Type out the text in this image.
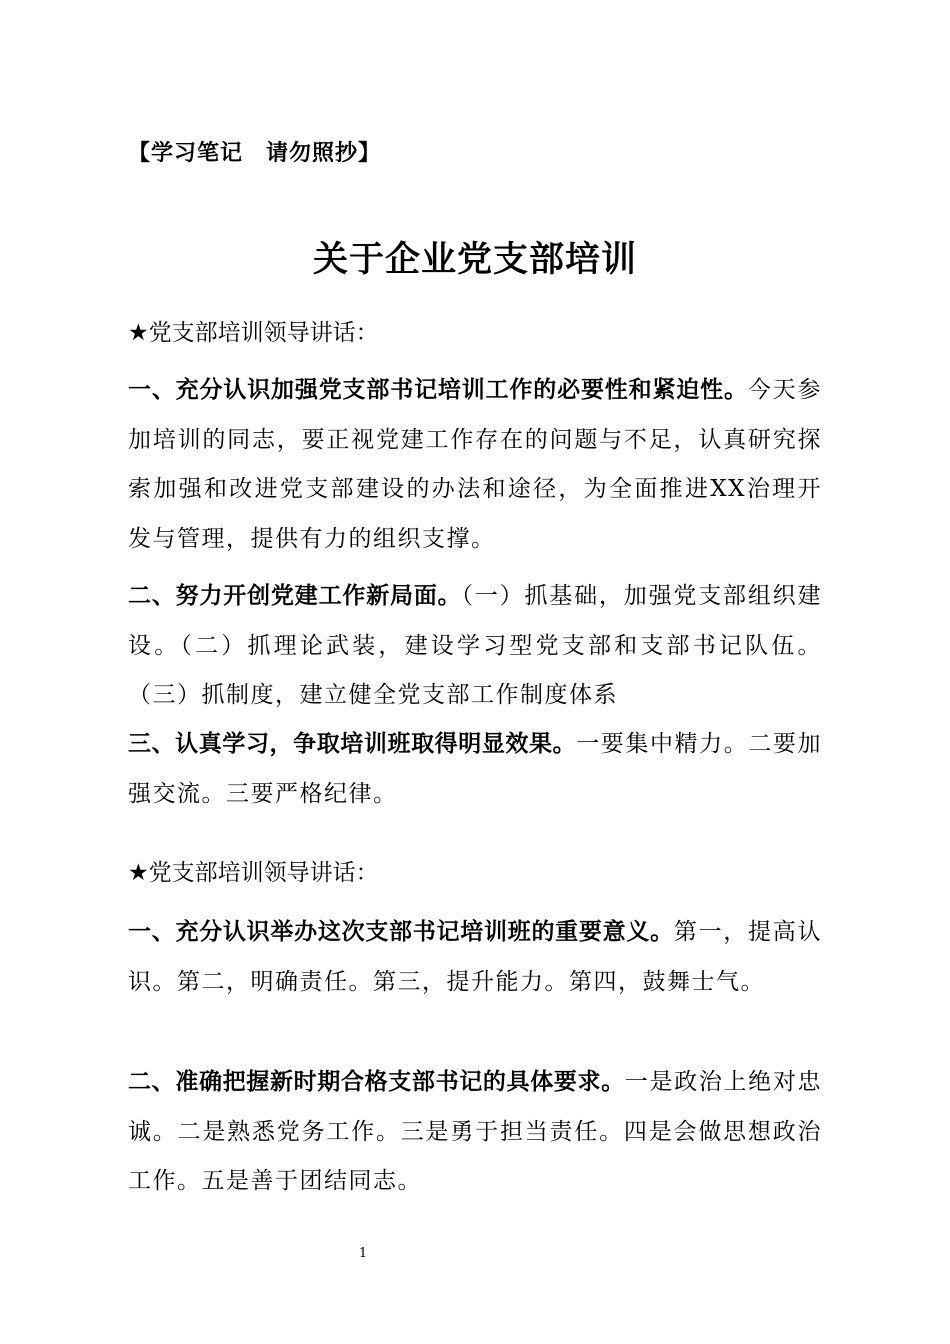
【学习笔记　请勿照抄】
关于企业党支部培训
★党支部培训领导讲话：

一、充分认识加强党支部书记培训工作的必要性和紧迫性。今天参加培训的同志，要正视党建工作存在的问题与不足，认真研究探索加强和改进党支部建设的办法和途径，为全面推进XX治理开发与管理，提供有力的组织支撑。

二、努力开创党建工作新局面。（一）抓基础，加强党支部组织建设。（二）抓理论武装，建设学习型党支部和支部书记队伍。（三）抓制度，建立健全党支部工作制度体系

三、认真学习，争取培训班取得明显效果。一要集中精力。二要加强交流。三要严格纪律。

★党支部培训领导讲话：

一、充分认识举办这次支部书记培训班的重要意义。第一，提高认识。第二，明确责任。第三，提升能力。第四，鼓舞士气。

二、准确把握新时期合格支部书记的具体要求。一是政治上绝对忠诚。二是熟悉党务工作。三是勇于担当责任。四是会做思想政治工作。五是善于团结同志。

1
